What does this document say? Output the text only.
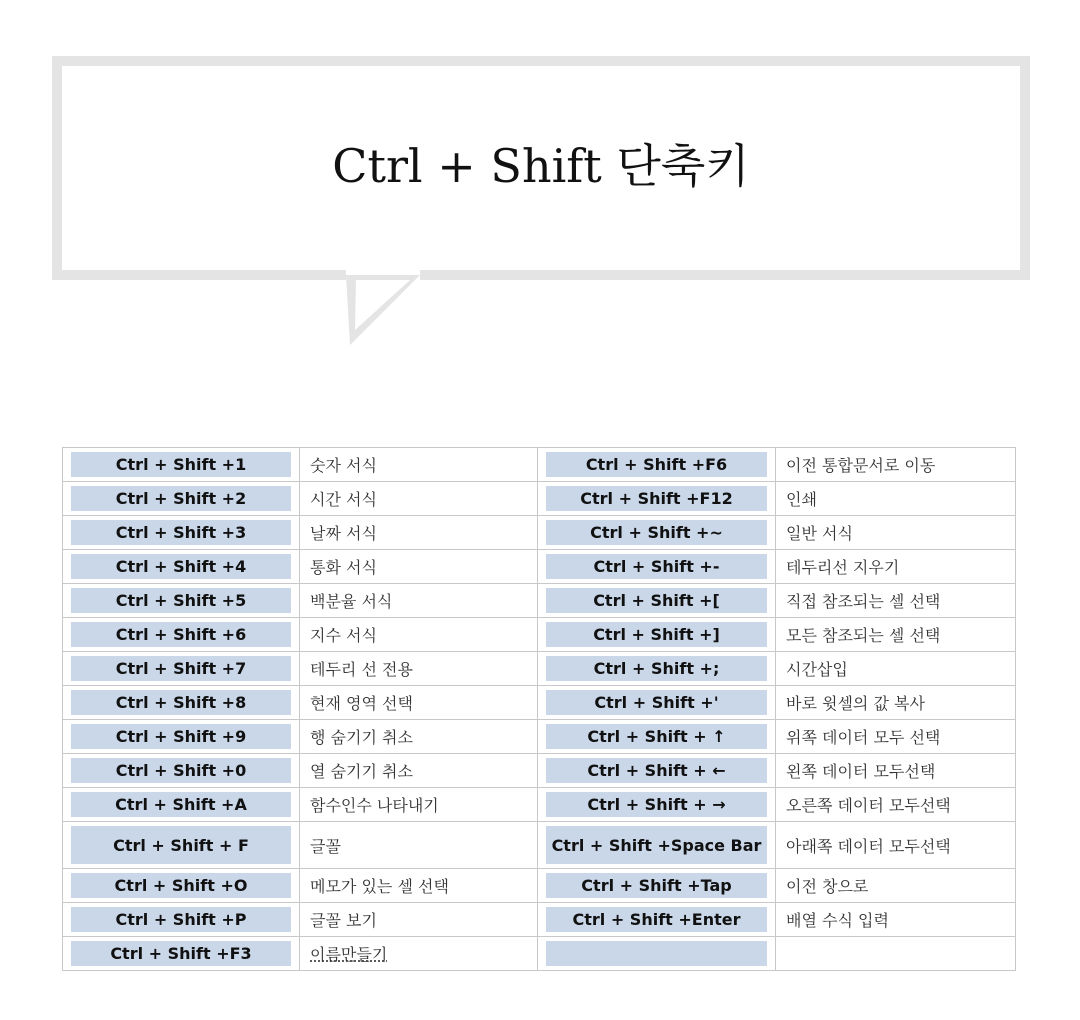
Ctrl + Shift 단축키
Ctrl + Shift +1	숫자 서식	Ctrl + Shift +F6	이전 통합문서로 이동

Ctrl + Shift +2	시간 서식	Ctrl + Shift +F12	인쇄

Ctrl + Shift +3	날짜 서식	Ctrl + Shift +~	일반 서식

Ctrl + Shift +4	통화 서식	Ctrl + Shift +-	테두리선 지우기

Ctrl + Shift +5	백분율 서식	Ctrl + Shift +[	직접 참조되는 셀 선택

Ctrl + Shift +6	지수 서식	Ctrl + Shift +]	모든 참조되는 셀 선택

Ctrl + Shift +7	테두리 선 전용	Ctrl + Shift +;	시간삽입

Ctrl + Shift +8	현재 영역 선택	Ctrl + Shift +'	바로 윗셀의 값 복사

Ctrl + Shift +9	행 숨기기 취소	Ctrl + Shift + ↑	위쪽 데이터 모두 선택

Ctrl + Shift +0	열 숨기기 취소	Ctrl + Shift + ←	왼쪽 데이터 모두선택

Ctrl + Shift +A	함수인수 나타내기	Ctrl + Shift + →	오른쪽 데이터 모두선택

Ctrl + Shift + F	글꼴	Ctrl + Shift +Space Bar	아래쪽 데이터 모두선택

Ctrl + Shift +O	메모가 있는 셀 선택	Ctrl + Shift +Tap	이전 창으로

Ctrl + Shift +P	글꼴 보기	Ctrl + Shift +Enter	배열 수식 입력

Ctrl + Shift +F3	이름만들기	
